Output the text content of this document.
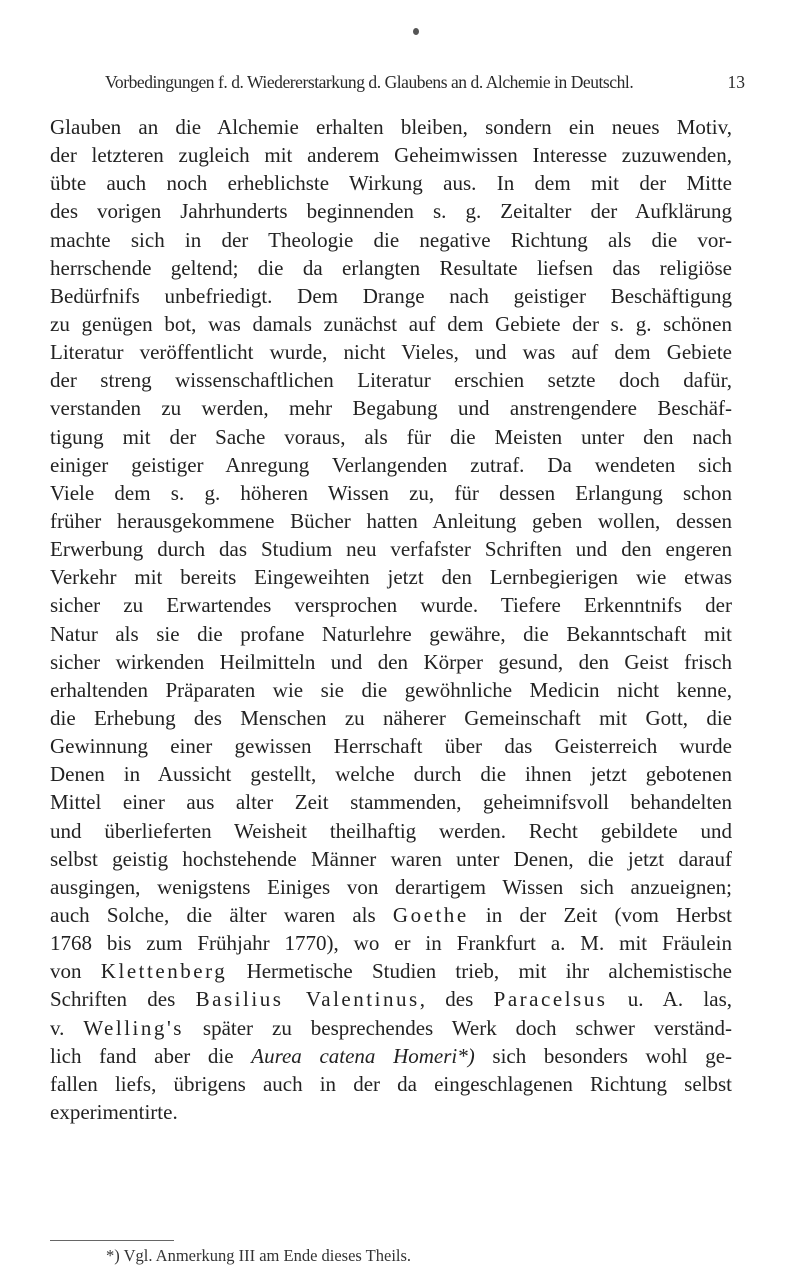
Vorbedingungen f. d. Wiedererstarkung d. Glaubens an d. Alchemie in Deutschl.	13
Glauben an die Alchemie erhalten bleiben, sondern ein neues Motiv,
der letzteren zugleich mit anderem Geheimwissen Interesse zuzuwenden,
übte auch noch erheblichste Wirkung aus. In dem mit der Mitte
des vorigen Jahrhunderts beginnenden s. g. Zeitalter der Aufklärung
machte sich in der Theologie die negative Richtung als die vor-
herrschende geltend; die da erlangten Resultate liefsen das religiöse
Bedürfnifs unbefriedigt. Dem Drange nach geistiger Beschäftigung
zu genügen bot, was damals zunächst auf dem Gebiete der s. g. schönen
Literatur veröffentlicht wurde, nicht Vieles, und was auf dem Gebiete
der streng wissenschaftlichen Literatur erschien setzte doch dafür,
verstanden zu werden, mehr Begabung und anstrengendere Beschäf-
tigung mit der Sache voraus, als für die Meisten unter den nach
einiger geistiger Anregung Verlangenden zutraf. Da wendeten sich
Viele dem s. g. höheren Wissen zu, für dessen Erlangung schon
früher herausgekommene Bücher hatten Anleitung geben wollen, dessen
Erwerbung durch das Studium neu verfafster Schriften und den engeren
Verkehr mit bereits Eingeweihten jetzt den Lernbegierigen wie etwas
sicher zu Erwartendes versprochen wurde. Tiefere Erkenntnifs der
Natur als sie die profane Naturlehre gewähre, die Bekanntschaft mit
sicher wirkenden Heilmitteln und den Körper gesund, den Geist frisch
erhaltenden Präparaten wie sie die gewöhnliche Medicin nicht kenne,
die Erhebung des Menschen zu näherer Gemeinschaft mit Gott, die
Gewinnung einer gewissen Herrschaft über das Geisterreich wurde
Denen in Aussicht gestellt, welche durch die ihnen jetzt gebotenen
Mittel einer aus alter Zeit stammenden, geheimnifsvoll behandelten
und überlieferten Weisheit theilhaftig werden. Recht gebildete und
selbst geistig hochstehende Männer waren unter Denen, die jetzt darauf
ausgingen, wenigstens Einiges von derartigem Wissen sich anzueignen;
auch Solche, die älter waren als Goethe in der Zeit (vom Herbst
1768 bis zum Frühjahr 1770), wo er in Frankfurt a. M. mit Fräulein
von Klettenberg Hermetische Studien trieb, mit ihr alchemistische
Schriften des Basilius Valentinus, des Paracelsus u. A. las,
v. Welling's später zu besprechendes Werk doch schwer verständ-
lich fand aber die Aurea catena Homeri*) sich besonders wohl ge-
fallen liefs, übrigens auch in der da eingeschlagenen Richtung selbst
experimentirte.
*) Vgl. Anmerkung III am Ende dieses Theils.
